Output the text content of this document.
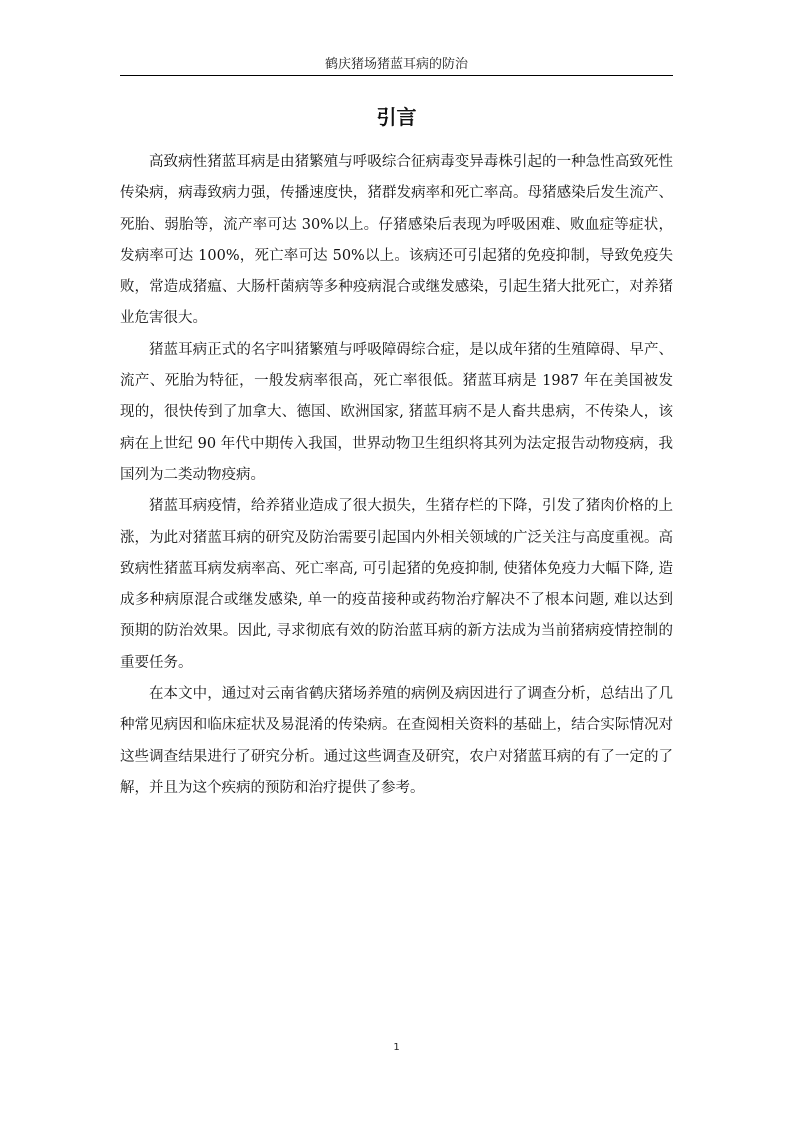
鹤庆猪场猪蓝耳病的防治
引言

高致病性猪蓝耳病是由猪繁殖与呼吸综合征病毒变异毒株引起的一种急性高致死性传染病，病毒致病力强，传播速度快，猪群发病率和死亡率高。母猪感染后发生流产、死胎、弱胎等，流产率可达 30%以上。仔猪感染后表现为呼吸困难、败血症等症状，发病率可达 100%，死亡率可达 50%以上。该病还可引起猪的免疫抑制，导致免疫失败，常造成猪瘟、大肠杆菌病等多种疫病混合或继发感染，引起生猪大批死亡，对养猪业危害很大。

猪蓝耳病正式的名字叫猪繁殖与呼吸障碍综合症，是以成年猪的生殖障碍、早产、流产、死胎为特征，一般发病率很高，死亡率很低。猪蓝耳病是 1987 年在美国被发现的，很快传到了加拿大、德国、欧洲国家, 猪蓝耳病不是人畜共患病，不传染人，该病在上世纪 90 年代中期传入我国，世界动物卫生组织将其列为法定报告动物疫病，我国列为二类动物疫病。

猪蓝耳病疫情，给养猪业造成了很大损失，生猪存栏的下降，引发了猪肉价格的上涨，为此对猪蓝耳病的研究及防治需要引起国内外相关领域的广泛关注与高度重视。高致病性猪蓝耳病发病率高、死亡率高, 可引起猪的免疫抑制, 使猪体免疫力大幅下降, 造成多种病原混合或继发感染, 单一的疫苗接种或药物治疗解决不了根本问题, 难以达到预期的防治效果。因此, 寻求彻底有效的防治蓝耳病的新方法成为当前猪病疫情控制的重要任务。

在本文中，通过对云南省鹤庆猪场养殖的病例及病因进行了调查分析，总结出了几种常见病因和临床症状及易混淆的传染病。在查阅相关资料的基础上，结合实际情况对这些调查结果进行了研究分析。通过这些调查及研究，农户对猪蓝耳病的有了一定的了解，并且为这个疾病的预防和治疗提供了参考。

1
